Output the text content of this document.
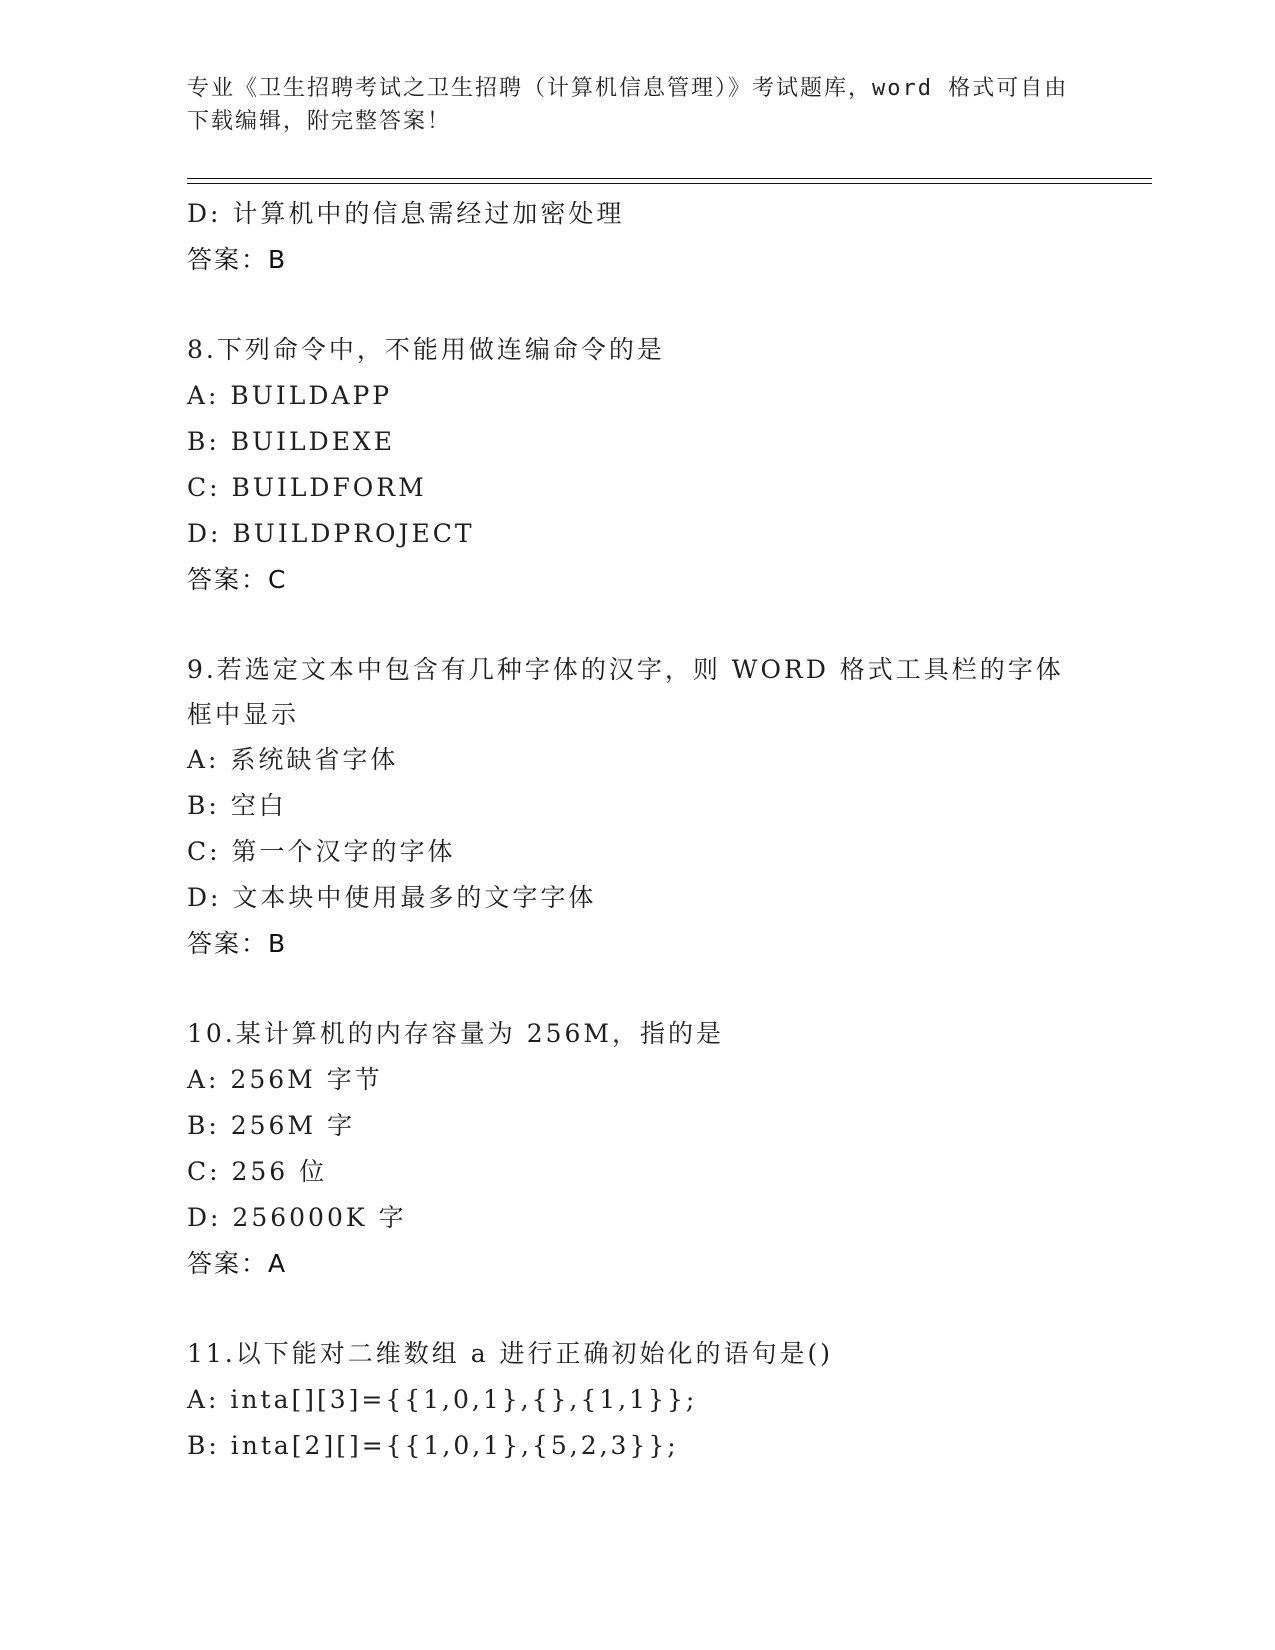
专业《卫生招聘考试之卫生招聘（计算机信息管理）》考试题库，word 格式可自由下载编辑，附完整答案！
D: 计算机中的信息需经过加密处理
答案：B
8.下列命令中，不能用做连编命令的是
A: BUILDAPP
B: BUILDEXE
C: BUILDFORM
D: BUILDPROJECT
答案：C
9.若选定文本中包含有几种字体的汉字，则 WORD 格式工具栏的字体框中显示
A: 系统缺省字体
B: 空白
C: 第一个汉字的字体
D: 文本块中使用最多的文字字体
答案：B
10.某计算机的内存容量为 256M，指的是
A: 256M 字节
B: 256M 字
C: 256 位
D: 256000K 字
答案：A
11.以下能对二维数组 a 进行正确初始化的语句是()
A: inta[][3]={{1,0,1},{},{1,1}};
B: inta[2][]={{1,0,1},{5,2,3}};
